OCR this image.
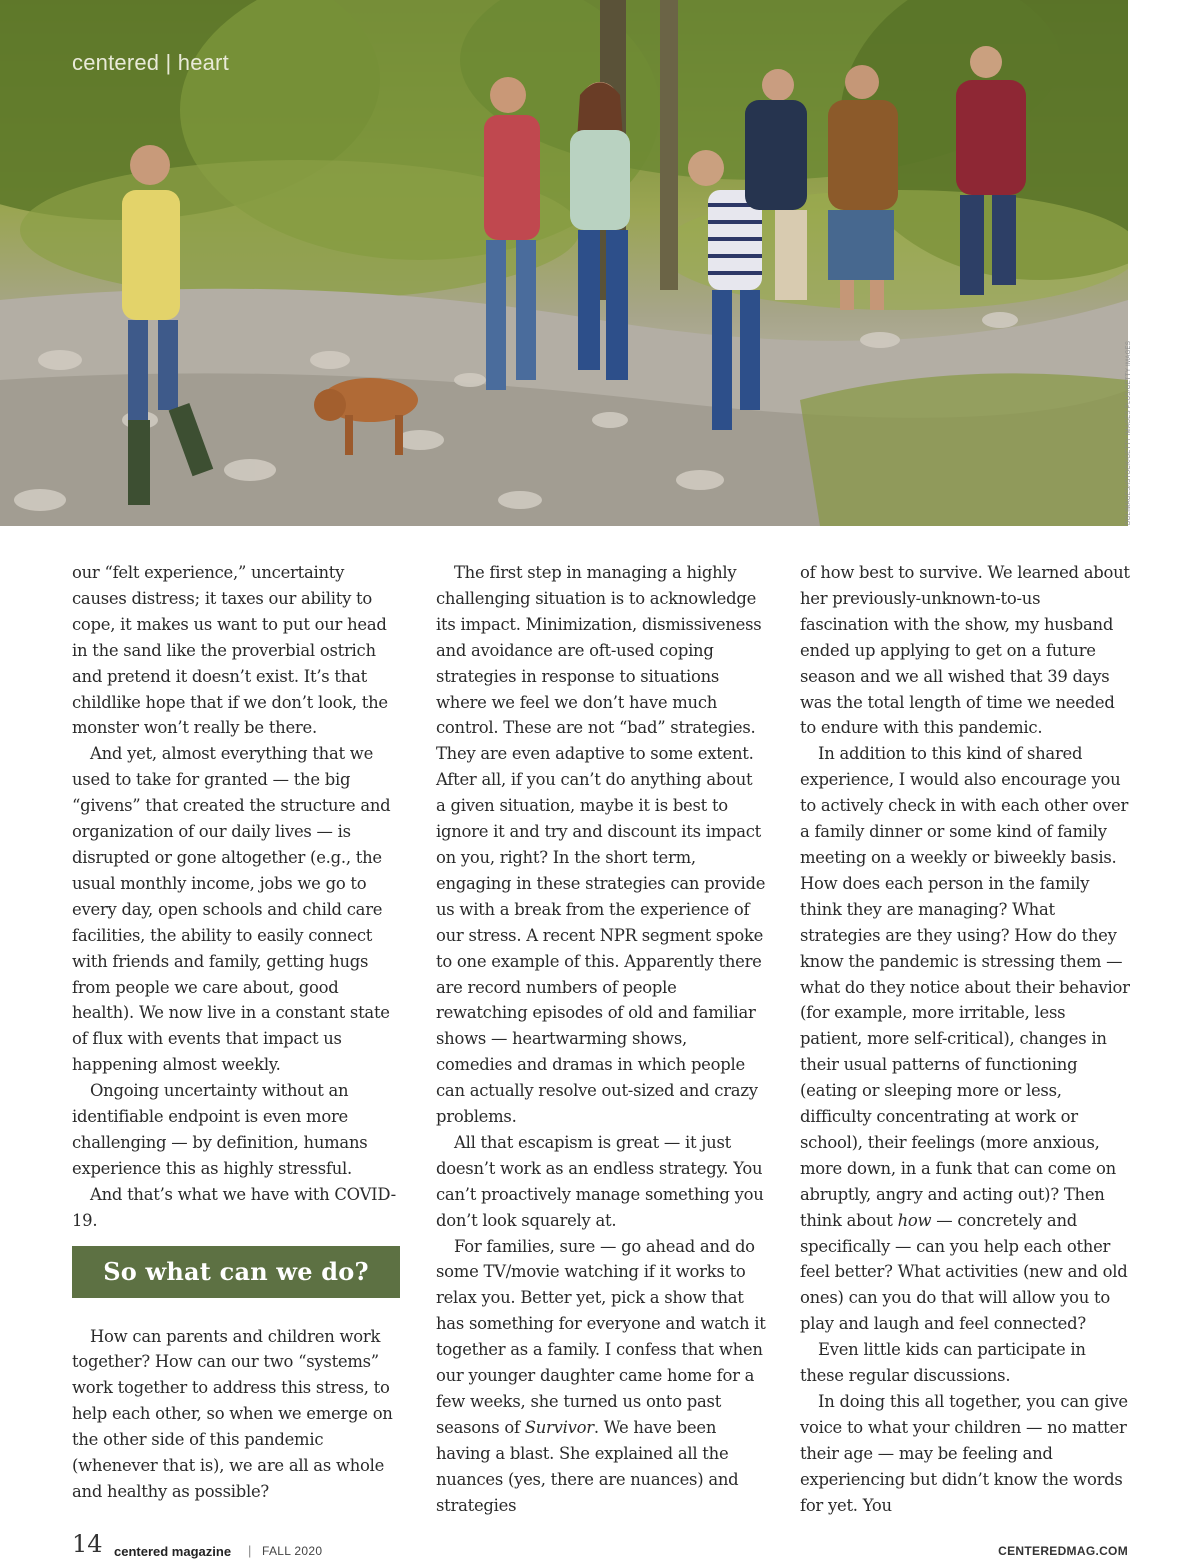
centered | heart
DGLIMAGES/ISTOCK/GETTY IMAGES PLUS/GETTY IMAGES

our “felt experience,” uncertainty causes distress; it taxes our ability to cope, it makes us want to put our head in the sand like the proverbial ostrich and pretend it doesn’t exist. It’s that childlike hope that if we don’t look, the monster won’t really be there.

And yet, almost everything that we used to take for granted — the big “givens” that created the structure and organization of our daily lives — is disrupted or gone altogether (e.g., the usual monthly income, jobs we go to every day, open schools and child care facilities, the ability to easily connect with friends and family, getting hugs from people we care about, good health). We now live in a constant state of flux with events that impact us happening almost weekly.

Ongoing uncertainty without an identifiable endpoint is even more challenging — by definition, humans experience this as highly stressful.

And that’s what we have with COVID-19.

So what can we do?

How can parents and children work together? How can our two “systems” work together to address this stress, to help each other, so when we emerge on the other side of this pandemic (whenever that is), we are all as whole and healthy as possible?

The first step in managing a highly challenging situation is to acknowledge its impact. Minimization, dismissiveness and avoidance are oft-used coping strategies in response to situations where we feel we don’t have much control. These are not “bad” strategies. They are even adaptive to some extent. After all, if you can’t do anything about a given situation, maybe it is best to ignore it and try and discount its impact on you, right? In the short term, engaging in these strategies can provide us with a break from the experience of our stress. A recent NPR segment spoke to one example of this. Apparently there are record numbers of people rewatching episodes of old and familiar shows — heartwarming shows, comedies and dramas in which people can actually resolve out-sized and crazy problems.

All that escapism is great — it just doesn’t work as an endless strategy. You can’t proactively manage something you don’t look squarely at.

For families, sure — go ahead and do some TV/movie watching if it works to relax you. Better yet, pick a show that has something for everyone and watch it together as a family. I confess that when our younger daughter came home for a few weeks, she turned us onto past seasons of Survivor. We have been having a blast. She explained all the nuances (yes, there are nuances) and strategies

of how best to survive. We learned about her previously-unknown-to-us fascination with the show, my husband ended up applying to get on a future season and we all wished that 39 days was the total length of time we needed to endure with this pandemic.

In addition to this kind of shared experience, I would also encourage you to actively check in with each other over a family dinner or some kind of family meeting on a weekly or biweekly basis. How does each person in the family think they are managing? What strategies are they using? How do they know the pandemic is stressing them — what do they notice about their behavior (for example, more irritable, less patient, more self-critical), changes in their usual patterns of functioning (eating or sleeping more or less, difficulty concentrating at work or school), their feelings (more anxious, more down, in a funk that can come on abruptly, angry and acting out)? Then think about how — concretely and specifically — can you help each other feel better? What activities (new and old ones) can you do that will allow you to play and laugh and feel connected?

Even little kids can participate in these regular discussions.

In doing this all together, you can give voice to what your children — no matter their age — may be feeling and experiencing but didn’t know the words for yet. You

14 centered magazine | FALL 2020	CENTEREDMAG.COM
